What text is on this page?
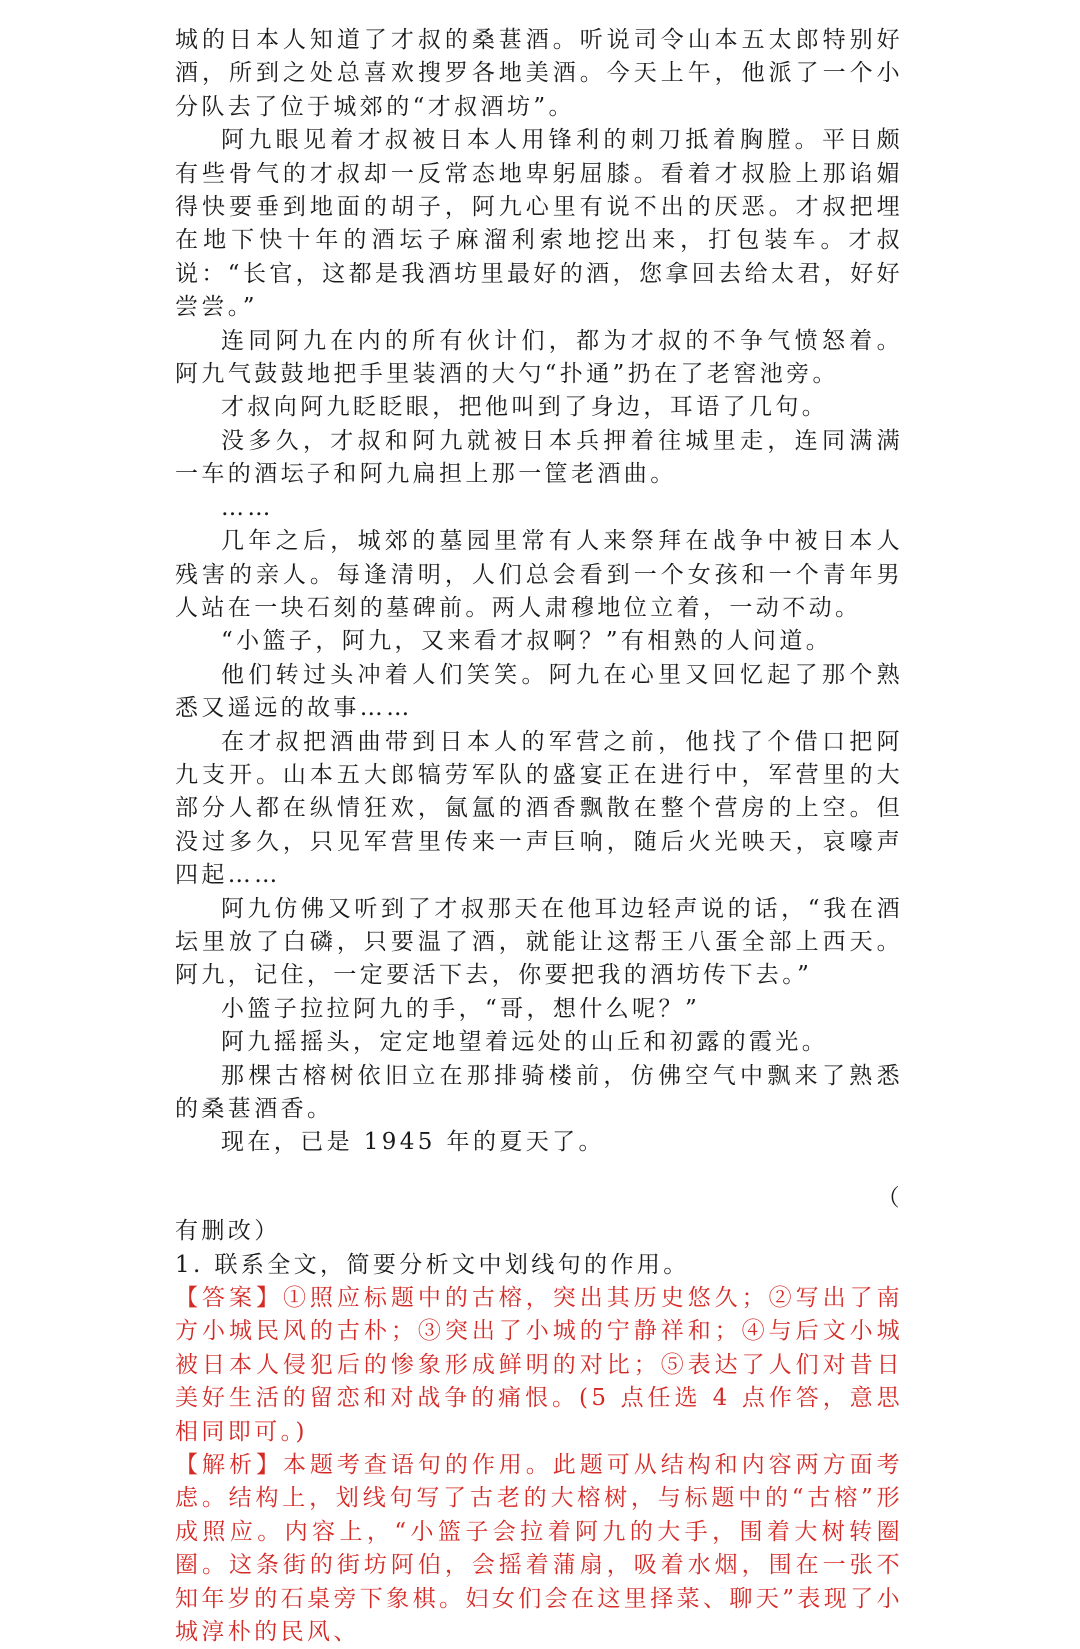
城的日本人知道了才叔的桑葚酒。听说司令山本五太郎特别好酒，所到之处总喜欢搜罗各地美酒。今天上午，他派了一个小分队去了位于城郊的“才叔酒坊”。

阿九眼见着才叔被日本人用锋利的刺刀抵着胸膛。平日颇有些骨气的才叔却一反常态地卑躬屈膝。看着才叔脸上那谄媚得快要垂到地面的胡子，阿九心里有说不出的厌恶。才叔把埋在地下快十年的酒坛子麻溜利索地挖出来，打包装车。才叔说：“长官，这都是我酒坊里最好的酒，您拿回去给太君，好好尝尝。”

连同阿九在内的所有伙计们，都为才叔的不争气愤怒着。阿九气鼓鼓地把手里装酒的大勺“扑通”扔在了老窖池旁。

才叔向阿九眨眨眼，把他叫到了身边，耳语了几句。

没多久，才叔和阿九就被日本兵押着往城里走，连同满满一车的酒坛子和阿九扁担上那一筐老酒曲。

……

几年之后，城郊的墓园里常有人来祭拜在战争中被日本人残害的亲人。每逢清明，人们总会看到一个女孩和一个青年男人站在一块石刻的墓碑前。两人肃穆地位立着，一动不动。

“小篮子，阿九，又来看才叔啊？”有相熟的人问道。

他们转过头冲着人们笑笑。阿九在心里又回忆起了那个熟悉又遥远的故事……

在才叔把酒曲带到日本人的军营之前，他找了个借口把阿九支开。山本五大郎犒劳军队的盛宴正在进行中，军营里的大部分人都在纵情狂欢，氤氲的酒香飘散在整个营房的上空。但没过多久，只见军营里传来一声巨响，随后火光映天，哀嚎声四起……

阿九仿佛又听到了才叔那天在他耳边轻声说的话，“我在酒坛里放了白磷，只要温了酒，就能让这帮王八蛋全部上西天。阿九，记住，一定要活下去，你要把我的酒坊传下去。”

小篮子拉拉阿九的手，“哥，想什么呢？”

阿九摇摇头，定定地望着远处的山丘和初露的霞光。

那棵古榕树依旧立在那排骑楼前，仿佛空气中飘来了熟悉的桑葚酒香。

现在，已是 1945 年的夏天了。

（

有删改）

1. 联系全文，简要分析文中划线句的作用。

【答案】①照应标题中的古榕，突出其历史悠久；②写出了南方小城民风的古朴；③突出了小城的宁静祥和；④与后文小城被日本人侵犯后的惨象形成鲜明的对比；⑤表达了人们对昔日美好生活的留恋和对战争的痛恨。(5 点任选 4 点作答，意思相同即可。)

【解析】本题考查语句的作用。此题可从结构和内容两方面考虑。结构上，划线句写了古老的大榕树，与标题中的“古榕”形成照应。内容上，“小篮子会拉着阿九的大手，围着大树转圈圈。这条街的街坊阿伯，会摇着蒲扇，吸着水烟，围在一张不知年岁的石桌旁下象棋。妇女们会在这里择菜、聊天”表现了小城淳朴的民风、
